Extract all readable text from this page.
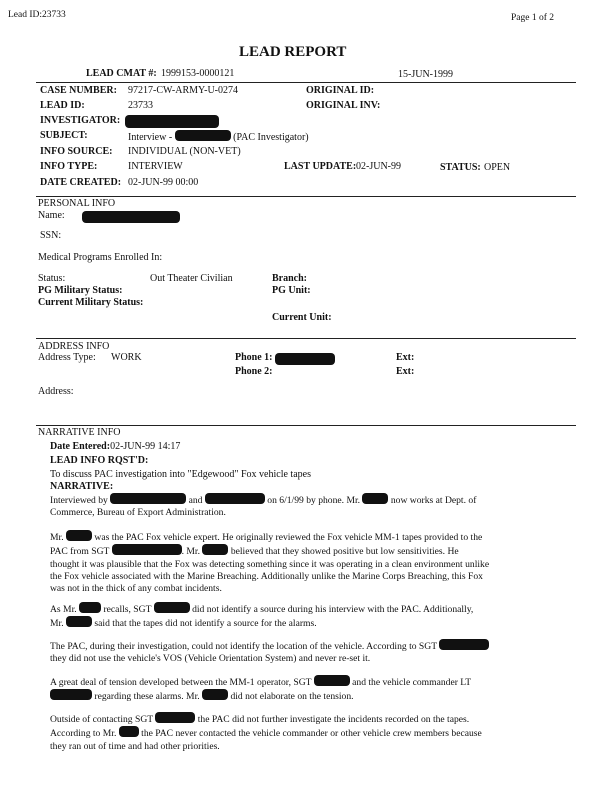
Lead ID:23733	Page 1 of 2
LEAD REPORT
LEAD CMAT #: 1999153-0000121	15-JUN-1999
CASE NUMBER: 97217-CW-ARMY-U-0274	ORIGINAL ID:
LEAD ID:	23733	ORIGINAL INV:
INVESTIGATOR:
SUBJECT:	Interview -	(PAC Investigator)
INFO SOURCE: INDIVIDUAL (NON-VET)
INFO TYPE:	INTERVIEW	LAST UPDATE: 02-JUN-99	STATUS: OPEN
DATE CREATED: 02-JUN-99 00:00
PERSONAL INFO
Name:
SSN:
Medical Programs Enrolled In:
Status:	Out Theater Civilian	Branch:
PG Military Status:	PG Unit:
Current Military Status:
Current Unit:
ADDRESS INFO
Address Type: WORK	Phone 1:	Ext:
Phone 2:	Ext:
Address:
NARRATIVE INFO
Date Entered:02-JUN-99 14:17
LEAD INFO RQST'D:
To discuss PAC investigation into "Edgewood" Fox vehicle tapes
NARRATIVE:
Interviewed by	and	on 6/1/99 by phone. Mr.	now works at Dept. of
Commerce, Bureau of Export Administration.
Mr.	was the PAC Fox vehicle expert. He originally reviewed the Fox vehicle MM-1 tapes provided to the
PAC from SGT	. Mr.	believed that they showed positive but low sensitivities. He
thought it was plausible that the Fox was detecting something since it was operating in a clean environment unlike
the Fox vehicle associated with the Marine Breaching. Additionally unlike the Marine Corps Breaching, this Fox
was not in the thick of any combat incidents.
As Mr.	recalls, SGT	did not identify a source during his interview with the PAC. Additionally,
Mr.	said that the tapes did not identify a source for the alarms.
The PAC, during their investigation, could not identify the location of the vehicle. According to SGT
they did not use the vehicle's VOS (Vehicle Orientation System) and never re-set it.
A great deal of tension developed between the MM-1 operator, SGT	and the vehicle commander LT
regarding these alarms. Mr.	did not elaborate on the tension.
Outside of contacting SGT	the PAC did not further investigate the incidents recorded on the tapes.
According to Mr.	the PAC never contacted the vehicle commander or other vehicle crew members because
they ran out of time and had other priorities.
